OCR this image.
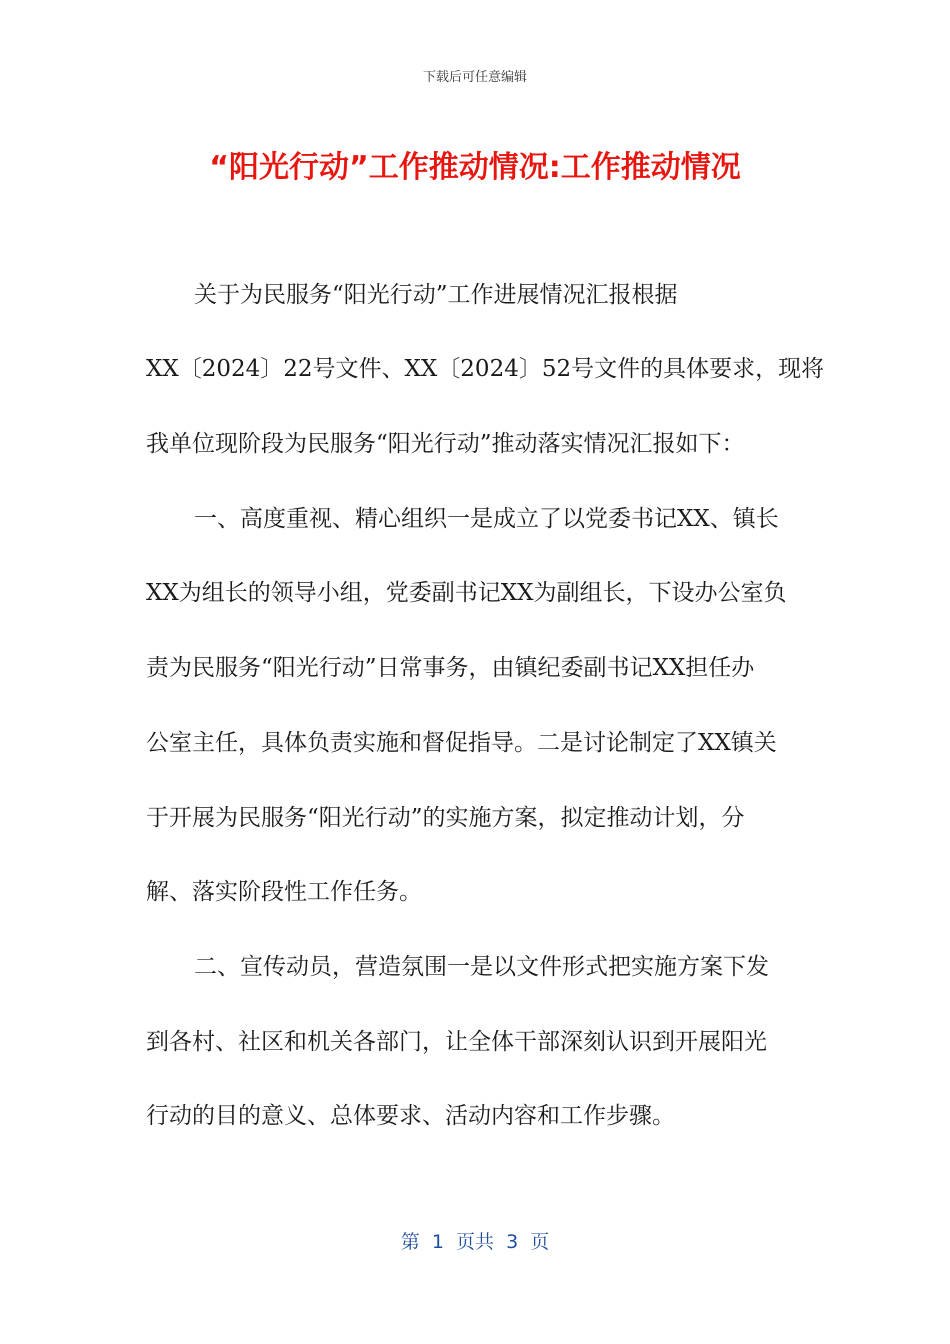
下载后可任意编辑
“阳光行动”工作推动情况:工作推动情况
关于为民服务“阳光行动”工作进展情况汇报根据
XX〔2024〕22号文件、XX〔2024〕52号文件的具体要求，现将
我单位现阶段为民服务“阳光行动”推动落实情况汇报如下：
一、高度重视、精心组织一是成立了以党委书记XX、镇长
XX为组长的领导小组，党委副书记XX为副组长，下设办公室负
责为民服务“阳光行动”日常事务，由镇纪委副书记XX担任办
公室主任，具体负责实施和督促指导。二是讨论制定了XX镇关
于开展为民服务“阳光行动”的实施方案，拟定推动计划，分
解、落实阶段性工作任务。
二、宣传动员，营造氛围一是以文件形式把实施方案下发
到各村、社区和机关各部门，让全体干部深刻认识到开展阳光
行动的目的意义、总体要求、活动内容和工作步骤。
第  1  页共  3  页
